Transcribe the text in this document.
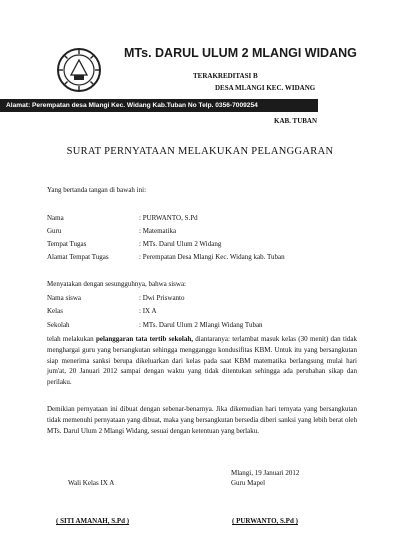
MTs. DARUL ULUM 2 MLANGI WIDANG
TERAKREDITASI B
DESA MLANGI KEC. WIDANG
Alamat: Perempatan desa Mlangi Kec. Widang Kab.Tuban No Telp. 0356-7009254
KAB. TUBAN
SURAT PERNYATAAN MELAKUKAN PELANGGARAN
Yang bertanda tangan di bawah ini:
Nama	: PURWANTO, S.Pd
Guru	: Matematika
Tempat Tugas	: MTs. Darul Ulum 2 Widang
Alamat Tempat Tugas	: Perempatan Desa Mlangi Kec. Widang kab. Tuban
Menyatakan dengan sesungguhnya, bahwa siswa:
Nama siswa	: Dwi Priswanto
Kelas	: IX A
Sekolah	: MTs. Darul Ulum 2 Mlangi Widang Tuban
telah melakukan pelanggaran tata tertib sekolah, diantaranya: terlambat masuk kelas (30 menit) dan tidak menghargai guru yang bersangkutan sehingga mengganggu kondusifitas KBM. Untuk itu yang bersangkutan siap menerima sanksi berupa dikeluarkan dari kelas pada saat KBM matematika berlangsung mulai hari jum'at, 20 Januari 2012 sampai dengan waktu yang tidak ditentukan sehingga ada perubahan sikap dan perilaku.
Demikian pernyataan ini dibuat dengan sebenar-benarnya. Jika dikemudian hari ternyata yang bersangkutan tidak memenuhi pernyataan yang dibuat, maka yang bersangkutan bersedia diberi sanksi yang lebih berat oleh MTs. Darul Ulum 2 Mlangi Widang, sesuai dengan ketentuan yang berlaku.
Mlangi, 19 Januari 2012
Wali Kelas IX A	Guru Mapel
( SITI AMANAH, S.Pd )	( PURWANTO, S.Pd )
